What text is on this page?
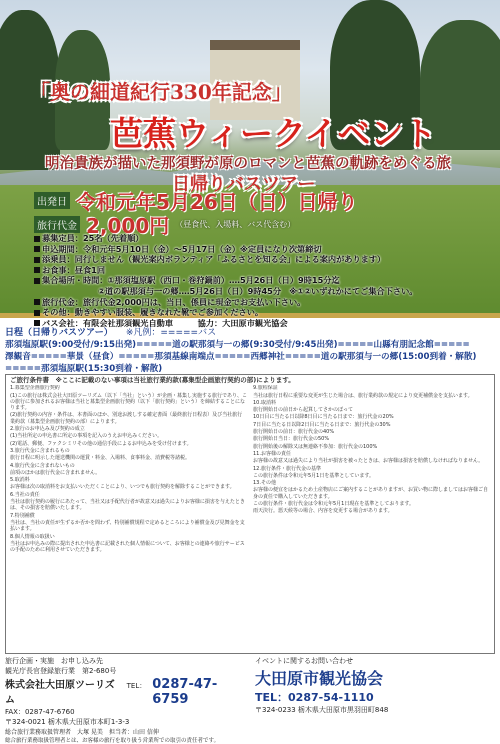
「奥の細道紀行330年記念」
芭蕉ウィークイベント
明治貴族が描いた那須野が原のロマンと芭蕉の軌跡をめぐる旅
日帰りバスツアー
出発日 令和元年5月26日（日）日帰り
旅行代金 2,000円 （昼食代、入場料、バス代含む）
募集定員：25名（先着順）
申込期間：令和元年5月10日（金）～5月17日（金）※定員になり次第締切
添乗員：同行しません（観光案内ボランティア「ふるさとを知る会」による案内があります）
お食事：昼食1回
集合場所・時間：①那須塩原駅（西口・巻狩鍋前）‥‥5月26日（日）9時15分迄
②道の駅那須与一の郷‥‥5月26日（日）9時45分　※①②いずれかにてご集合下さい。
旅行代金：旅行代金2,000円は、当日、係員に現金でお支払い下さい。
その他：動きやすい服装、履きなれた靴でご参加ください。
バス会社：有限会社那須観光自動車　　　協力：大田原市観光協会
日程（日帰りバスツアー） ※凡例：=====バス
那須塩原駅(9:00受付/9:15出発)=====道の駅那須与一の郷(9:30受付/9:45出発)=====山縣有朋記念館=====
澤観音=====華景（昼食）=====那須基線南端点=====西郷神社=====道の駅那須与一の郷(15:00到着・解散)
=====那須塩原駅(15:30到着・解散)
ご旅行条件書　※ここに記載のない事項は当社旅行業約款(募集型企画旅行契約の部)によります。

1.募集型企画旅行契約

(1)この旅行は株式会社大田原ツーリズム（以下「当社」という）が企画・募集し実施する旅行であり、この旅行に参加されるお客様は当社と募集型企画旅行契約（以下「旅行契約」という）を締結することになります。

(2)旅行契約の内容・条件は、本書面のほか、別途お渡しする確定書面（最終旅行日程表）及び当社旅行業約款（募集型企画旅行契約の部）によります。

2.旅行のお申込み及び契約の成立

(1)当社所定の申込書に所定の事項を記入のうえお申込みください。

(2)電話、郵便、ファクシミリその他の通信手段によるお申込みを受け付けます。

3.旅行代金に含まれるもの

旅行日程に明示した運送機関の運賃・料金、入場料、食事料金、消費税等諸税。

4.旅行代金に含まれないもの

前項のほかは旅行代金に含まれません。

5.取消料

お客様は次の取消料をお支払いいただくことにより、いつでも旅行契約を解除することができます。

6.当社の責任

当社は旅行契約の履行にあたって、当社又は手配代行者が故意又は過失によりお客様に損害を与えたときは、その損害を賠償いたします。

7.特別補償

当社は、当社の責任が生ずるか否かを問わず、特別補償規程で定めるところにより補償金及び見舞金を支払います。

8.個人情報の取扱い

当社はお申込みの際に提出された申込書に記載された個人情報について、お客様との連絡や旅行サービスの手配のために利用させていただきます。

9.旅程保証

当社は旅行日程に重要な変更が生じた場合は、旅行業約款の規定により変更補償金を支払います。

10.取消料

旅行開始日の前日から起算してさかのぼって

10日目に当たる日以降8日目に当たる日まで：旅行代金の20%

7日目に当たる日以降2日目に当たる日まで：旅行代金の30%

旅行開始日の前日：旅行代金の40%

旅行開始日当日：旅行代金の50%

旅行開始後の解除又は無連絡不参加：旅行代金の100%

11.お客様の責任

お客様の故意又は過失により当社が損害を被ったときは、お客様は損害を賠償しなければなりません。

12.旅行条件・旅行代金の基準

この旅行条件は令和元年5月1日を基準としています。

13.その他

お客様の便宜をはかるため土産物店にご案内することがありますが、お買い物に際しましてはお客様ご自身の責任で購入していただきます。

この旅行条件・旅行代金は令和元年5月1日現在を基準としております。

雨天決行。悪天候等の場合、内容を変更する場合があります。

旅行企画・実施　お申し込み先
観光庁長官登録旅行業　第2-680号
株式会社大田原ツーリズム
TEL： 0287-47-6759
FAX：0287-47-6760
〒324-0021 栃木県大田原市本町1-3-3
総合旅行業務取扱管理者　大塚 晃美　 担当者：山田 信伸
総合旅行業務取扱管理者とは、お客様の旅行を取り扱う営業所での取引の責任者です。
イベントに関するお問い合わせ
大田原市観光協会
TEL：0287-54-1110
〒324-0233 栃木県大田原市黒羽田町848
